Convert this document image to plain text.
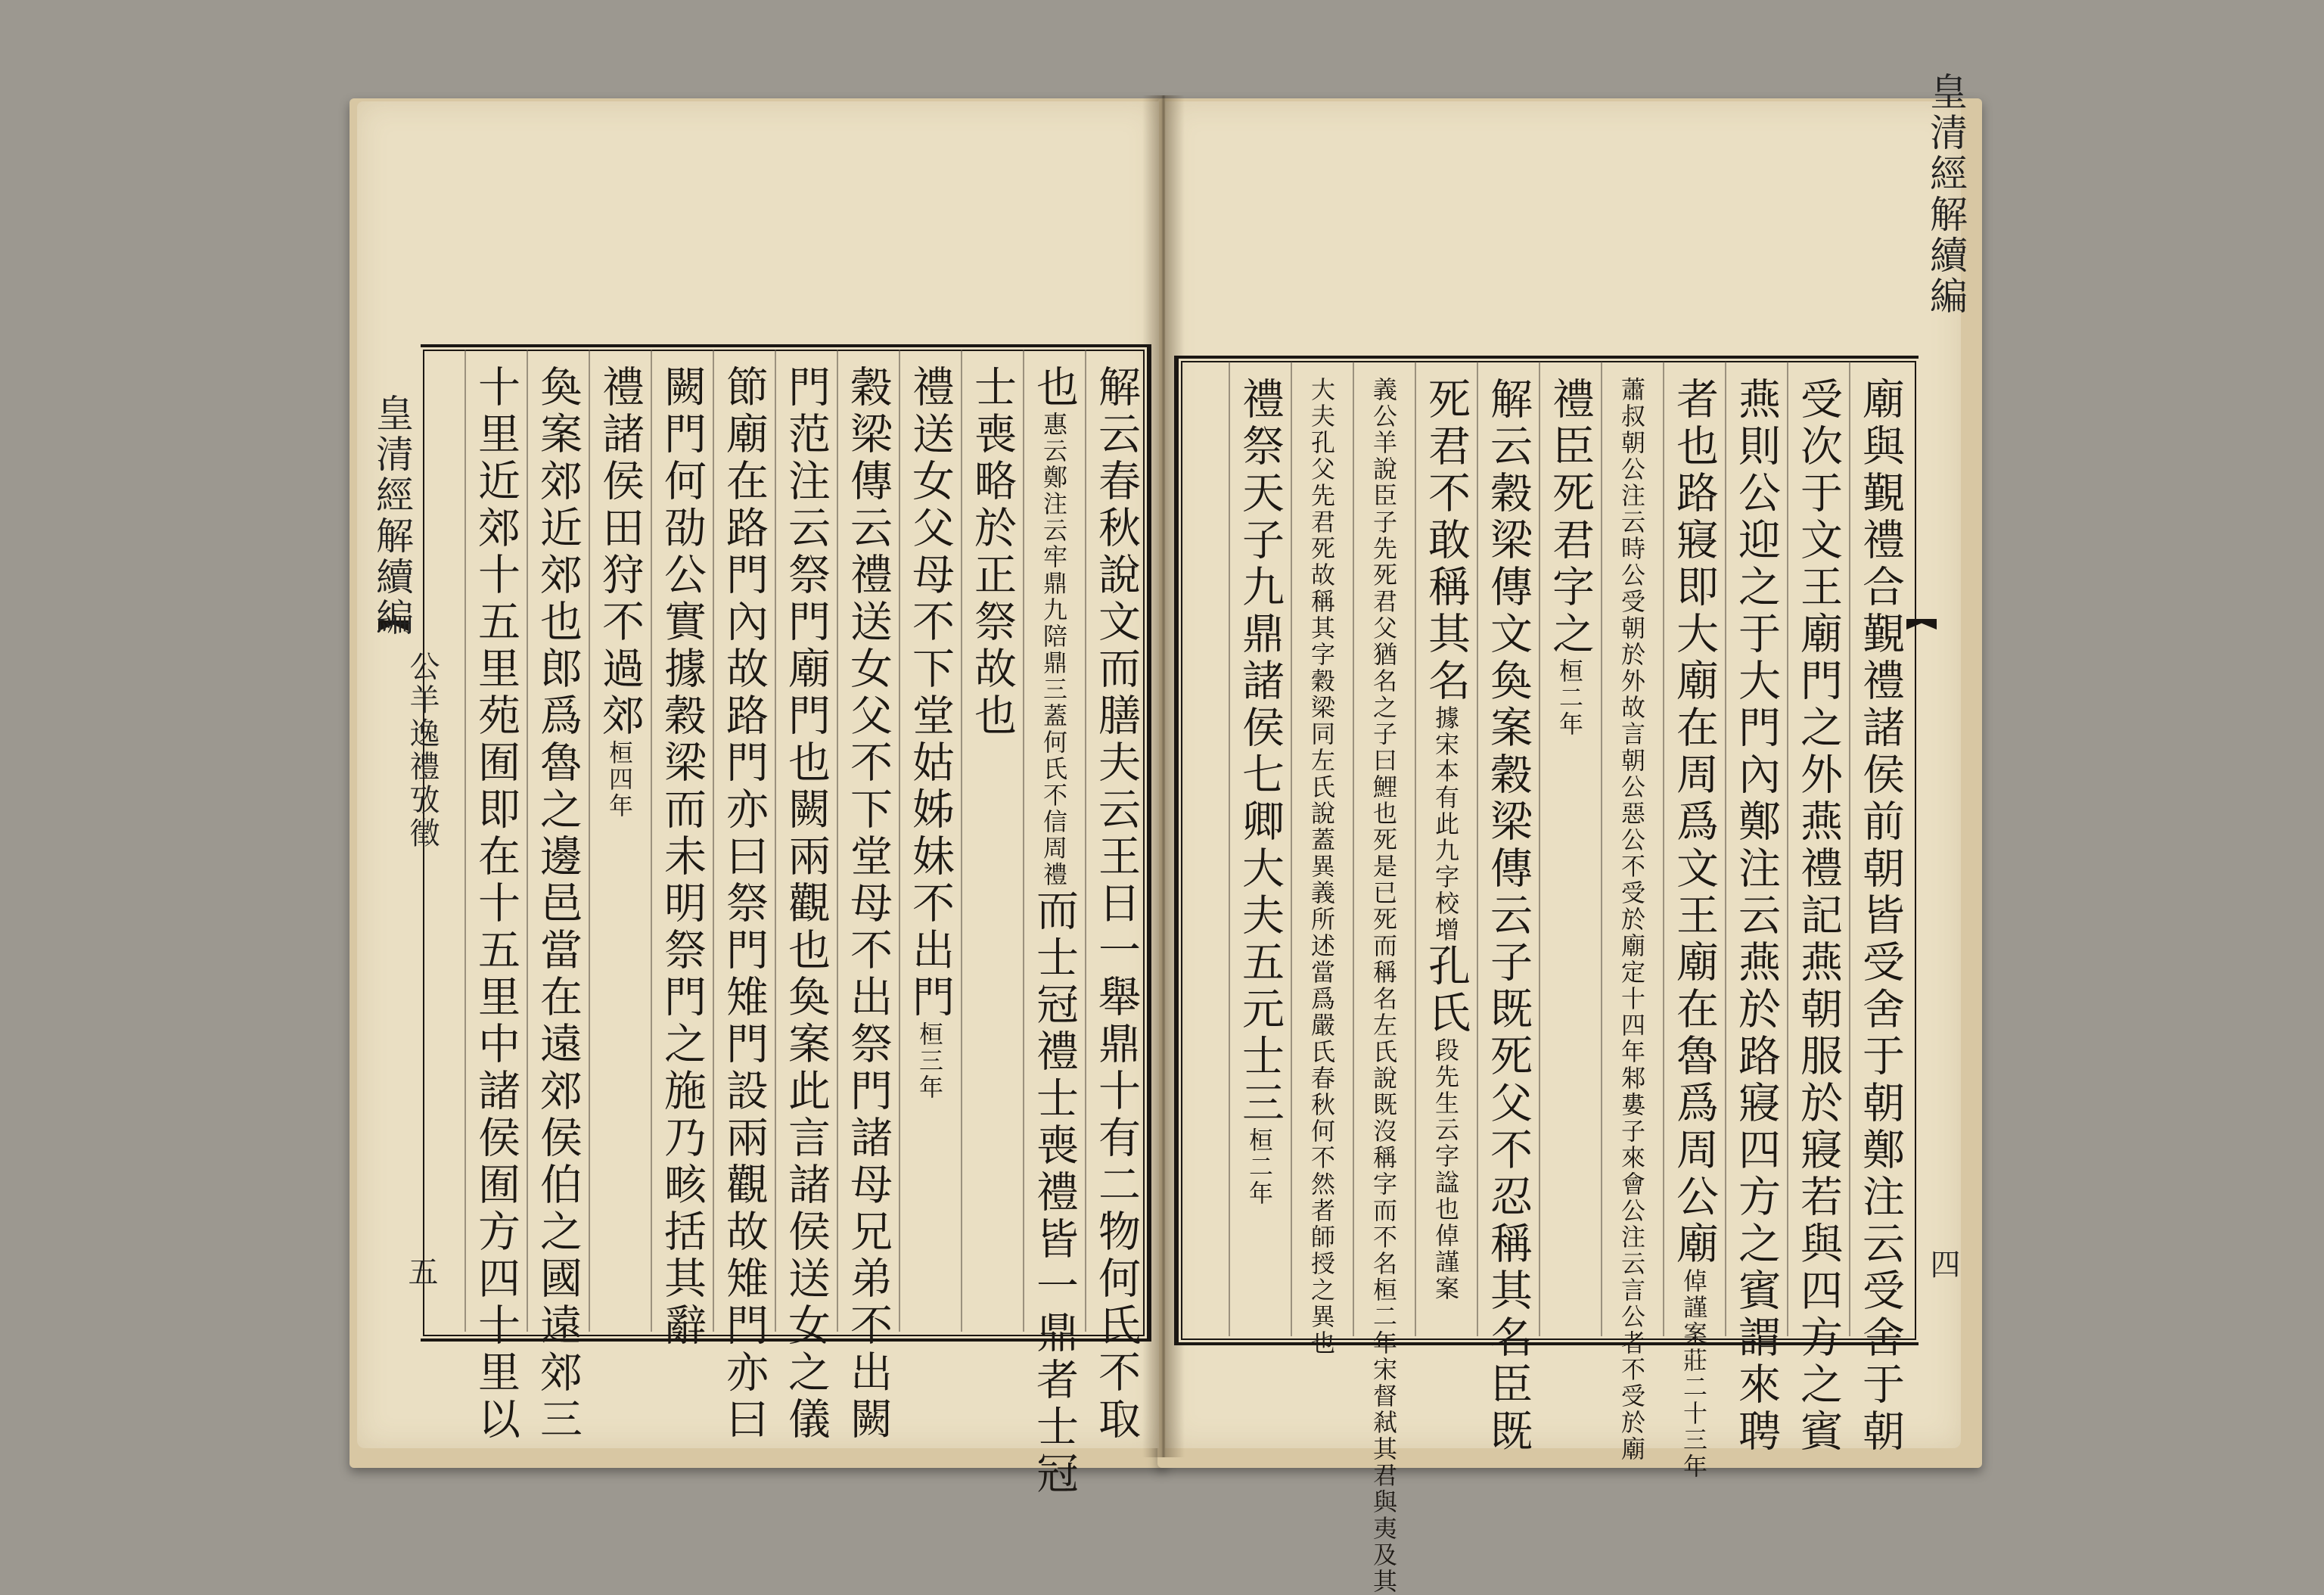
皇清經解續編
公羊逸禮攷徵
五	解云春秋說文而膳夫云王日一舉鼎十有二物何氏不取
也
惠云鄭注云牢鼎九陪鼎三蓋何氏不信周禮
而士冠禮士喪禮皆一鼎者士冠
士喪略於正祭故也
禮送女父母不下堂姑姊妹不出門
桓三年
穀梁傳云禮送女父不下堂母不出祭門諸母兄弟不出闕
門范注云祭門廟門也闕兩觀也奐案此言諸侯送女之儀
節廟在路門內故路門亦曰祭門雉門設兩觀故雉門亦曰
闕門何劭公實據穀梁而未明祭門之施乃畡括其辭
禮諸侯田狩不過郊
桓四年
奐案郊近郊也郎爲魯之邊邑當在遠郊侯伯之國遠郊三
十里近郊十五里苑囿即在十五里中諸侯囿方四十里以
皇清經解續編
四
廟與覲禮合覲禮諸侯前朝皆受舍于朝鄭注云受舍于朝
受次于文王廟門之外燕禮記燕朝服於寢若與四方之賓
燕則公迎之于大門內鄭注云燕於路寢四方之賓謂來聘
者也路寢即大廟在周爲文王廟在魯爲周公廟
倬謹案莊二十三年
蕭叔朝公注云時公受朝於外故言朝公惡公不受於廟定十四年邾婁子來會公注云言公者不受於廟
禮臣死君字之
桓二年
解云穀梁傳文奐案穀梁傳云子既死父不忍稱其名臣既
死君不敢稱其名
據宋本有此九字校增
孔氏
段先生云字諡也倬謹案
義公羊說臣子先死君父猶名之子曰鯉也死是已死而稱名左氏說既沒稱字而不名桓二年宋督弒其君與夷及其
大夫孔父先君死故稱其字穀梁同左氏說蓋異義所述當爲嚴氏春秋何不然者師授之異也
禮祭天子九鼎諸侯七卿大夫五元士三
桓二年
